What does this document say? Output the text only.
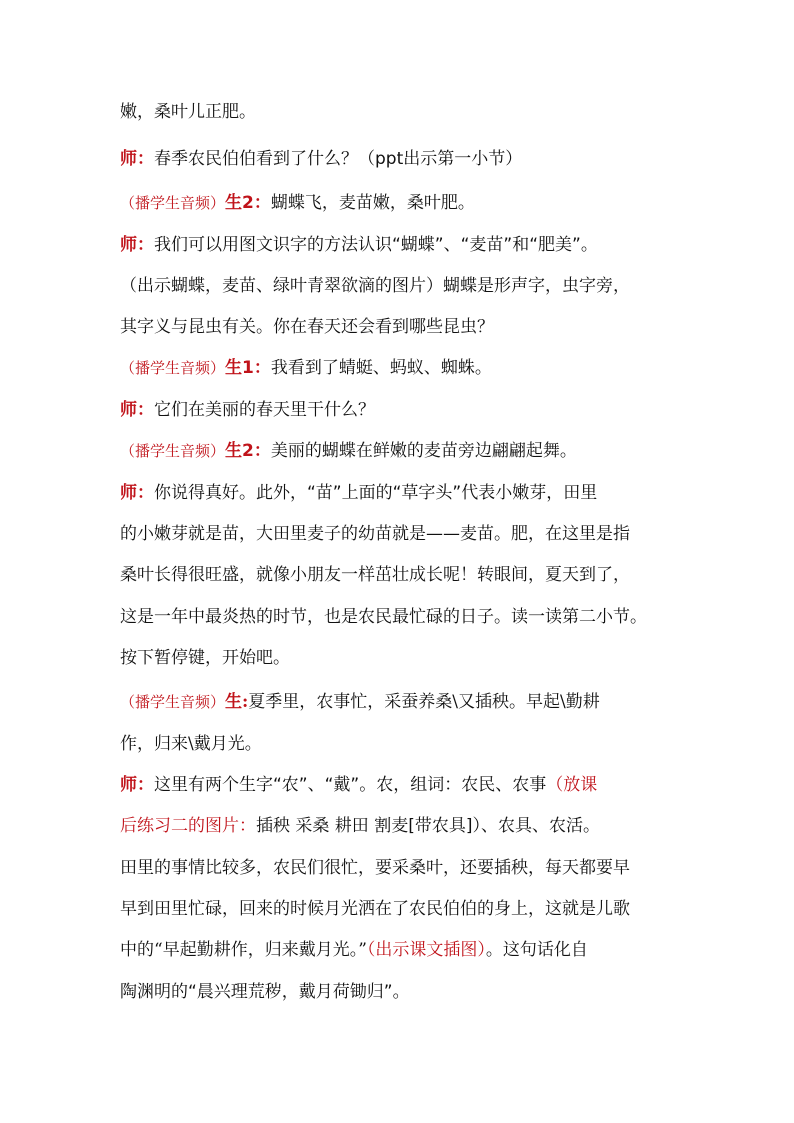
嫩，桑叶儿正肥。
师：春季农民伯伯看到了什么？（ppt出示第一小节）
（播学生音频）生2：蝴蝶飞，麦苗嫩，桑叶肥。
师：我们可以用图文识字的方法认识“蝴蝶”、“麦苗”和“肥美”。
（出示蝴蝶，麦苗、绿叶青翠欲滴的图片）蝴蝶是形声字，虫字旁，
其字义与昆虫有关。你在春天还会看到哪些昆虫？
（播学生音频）生1：我看到了蜻蜓、蚂蚁、蜘蛛。
师：它们在美丽的春天里干什么？
（播学生音频）生2：美丽的蝴蝶在鲜嫩的麦苗旁边翩翩起舞。
师：你说得真好。此外，“苗”上面的“草字头”代表小嫩芽，田里
的小嫩芽就是苗，大田里麦子的幼苗就是——麦苗。肥，在这里是指
桑叶长得很旺盛，就像小朋友一样茁壮成长呢！转眼间，夏天到了，
这是一年中最炎热的时节，也是农民最忙碌的日子。读一读第二小节。
按下暂停键，开始吧。
（播学生音频）生:夏季里，农事忙，采蚕养桑\又插秧。早起\勤耕
作，归来\戴月光。
师：这里有两个生字“农”、“戴”。农，组词：农民、农事（放课
后练习二的图片：插秧 采桑 耕田 割麦[带农具]）、农具、农活。
田里的事情比较多，农民们很忙，要采桑叶，还要插秧，每天都要早
早到田里忙碌，回来的时候月光洒在了农民伯伯的身上，这就是儿歌
中的“早起勤耕作，归来戴月光。”（出示课文插图）。这句话化自
陶渊明的“晨兴理荒秽，戴月荷锄归”。
